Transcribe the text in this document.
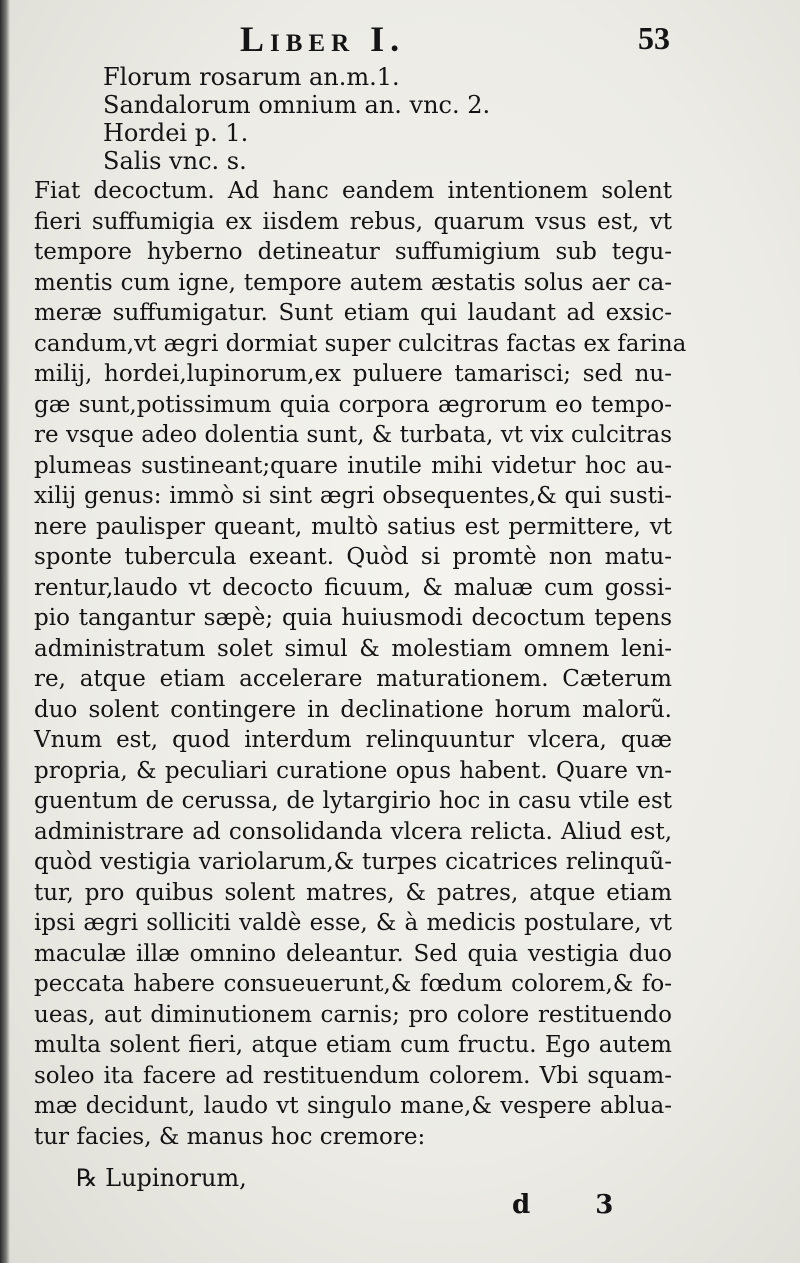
Liber I.	53
Florum rosarum an.m.1.
Sandalorum omnium an. vnc. 2.
Hordei p. 1.
Salis vnc. s.
Fiat decoctum. Ad hanc eandem intentionem solent
fieri suffumigia ex iisdem rebus, quarum vsus est, vt
tempore hyberno detineatur suffumigium sub tegu-
mentis cum igne, tempore autem æstatis solus aer ca-
meræ suffumigatur. Sunt etiam qui laudant ad exsic-
candum,vt ægri dormiat super culcitras factas ex farina
milij, hordei,lupinorum,ex puluere tamarisci; sed nu-
gæ sunt,potissimum quia corpora ægrorum eo tempo-
re vsque adeo dolentia sunt, & turbata, vt vix culcitras
plumeas sustineant;quare inutile mihi videtur hoc au-
xilij genus: immò si sint ægri obsequentes,& qui susti-
nere paulisper queant, multò satius est permittere, vt
sponte tubercula exeant. Quòd si promtè non matu-
rentur,laudo vt decocto ficuum, & maluæ cum gossi-
pio tangantur sæpè; quia huiusmodi decoctum tepens
administratum solet simul & molestiam omnem leni-
re, atque etiam accelerare maturationem. Cæterum
duo solent contingere in declinatione horum malorũ.
Vnum est, quod interdum relinquuntur vlcera, quæ
propria, & peculiari curatione opus habent. Quare vn-
guentum de cerussa, de lytargirio hoc in casu vtile est
administrare ad consolidanda vlcera relicta. Aliud est,
quòd vestigia variolarum,& turpes cicatrices relinquũ-
tur, pro quibus solent matres, & patres, atque etiam
ipsi ægri solliciti valdè esse, & à medicis postulare, vt
maculæ illæ omnino deleantur. Sed quia vestigia duo
peccata habere consueuerunt,& fœdum colorem,& fo-
ueas, aut diminutionem carnis; pro colore restituendo
multa solent fieri, atque etiam cum fructu. Ego autem
soleo ita facere ad restituendum colorem. Vbi squam-
mæ decidunt, laudo vt singulo mane,& vespere ablua-
tur facies, & manus hoc cremore:
℞ Lupinorum,
d 3
